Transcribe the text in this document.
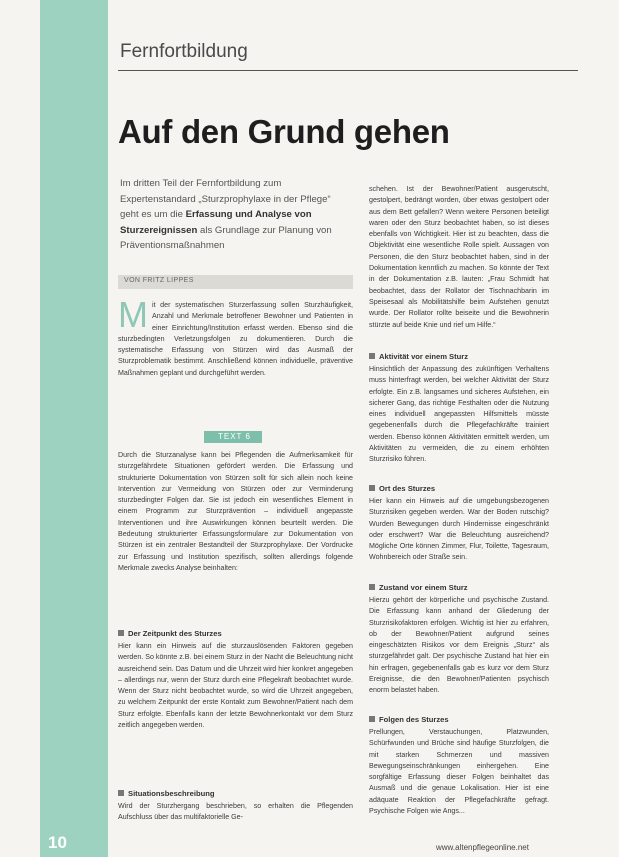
10
Fernfortbildung
Auf den Grund gehen
Im dritten Teil der Fernfortbildung zum Expertenstandard „Sturzprophylaxe in der Pflege“ geht es um die Erfassung und Analyse von Sturzereignissen als Grundlage zur Planung von Präventionsmaßnahmen
VON FRITZ LIPPES
M it der systematischen Sturzerfassung sollen Sturzhäufigkeit, Anzahl und Merkmale betroffener Bewohner und Patienten in einer Einrichtung/Institution erfasst werden. Ebenso sind die sturzbedingten Verletzungsfolgen zu dokumentieren. Durch die systematische Erfassung von Stürzen wird das Ausmaß der Sturzproblematik bestimmt. Anschließend können individuelle, präventive Maßnahmen geplant und durchgeführt werden.
TEXT 6
Durch die Sturzanalyse kann bei Pflegenden die Aufmerksamkeit für sturzgefährdete Situationen gefördert werden. Die Erfassung und strukturierte Dokumentation von Stürzen sollt für sich allein noch keine Intervention zur Vermeidung von Stürzen oder zur Verminderung sturzbedingter Folgen dar. Sie ist jedoch ein wesentliches Element in einem Programm zur Sturzprävention – individuell angepasste Interventionen und ihre Auswirkungen können beurteilt werden. Die Bedeutung strukturierter Erfassungsformulare zur Dokumentation von Stürzen ist ein zentraler Bestandteil der Sturzprophylaxe. Der Vordrucke zur Erfassung und Institution spezifisch, sollten allerdings folgende Merkmale zwecks Analyse beinhalten:

Der Zeitpunkt des Sturzes

Hier kann ein Hinweis auf die sturzauslösenden Faktoren gegeben werden. So könnte z.B. bei einem Sturz in der Nacht die Beleuchtung nicht ausreichend sein. Das Datum und die Uhrzeit wird hier konkret angegeben – allerdings nur, wenn der Sturz durch eine Pflegekraft beobachtet wurde. Wenn der Sturz nicht beobachtet wurde, so wird die Uhrzeit angegeben, zu welchem Zeitpunkt der erste Kontakt zum Bewohner/Patient nach dem Sturz erfolgte. Ebenfalls kann der letzte Bewohnerkontakt vor dem Sturz zeitlich angegeben werden.

Situationsbeschreibung

Wird der Sturzhergang beschrieben, so erhalten die Pflegenden Aufschluss über das multifaktorielle Ge-
schehen. Ist der Bewohner/Patient ausgerutscht, gestolpert, bedrängt worden, über etwas gestolpert oder aus dem Bett gefallen? Wenn weitere Personen beteiligt waren oder den Sturz beobachtet haben, so ist dieses ebenfalls von Wichtigkeit. Hier ist zu beachten, dass die Objektivität eine wesentliche Rolle spielt. Aussagen von Personen, die den Sturz beobachtet haben, sind in der Dokumentation kenntlich zu machen. So könnte der Text in der Dokumentation z.B. lauten: „Frau Schmidt hat beobachtet, dass der Rollator der Tischnachbarin im Speisesaal als Mobilitätshilfe beim Aufstehen genutzt wurde. Der Rollator rollte beiseite und die Bewohnerin stürzte auf beide Knie und rief um Hilfe.“

Aktivität vor einem Sturz

Hinsichtlich der Anpassung des zukünftigen Verhaltens muss hinterfragt werden, bei welcher Aktivität der Sturz erfolgte. Ein z.B. langsames und sicheres Aufstehen, ein sicherer Gang, das richtige Festhalten oder die Nutzung eines individuell angepassten Hilfsmittels müsste gegebenenfalls durch die Pflegefachkräfte trainiert werden. Ebenso können Aktivitäten ermittelt werden, um Aktivitäten zu vermeiden, die zu einem erhöhten Sturzrisiko führen.

Ort des Sturzes

Hier kann ein Hinweis auf die umgebungsbezogenen Sturzrisiken gegeben werden. War der Boden rutschig? Wurden Bewegungen durch Hindernisse eingeschränkt oder erschwert? War die Beleuchtung ausreichend? Mögliche Orte können Zimmer, Flur, Toilette, Tagesraum, Wohnbereich oder Straße sein.

Zustand vor einem Sturz

Hierzu gehört der körperliche und psychische Zustand. Die Erfassung kann anhand der Gliederung der Sturzrisikofaktoren erfolgen. Wichtig ist hier zu erfahren, ob der Bewohner/Patient aufgrund seines eingeschätzten Risikos vor dem Ereignis „Sturz“ als sturzgefährdet galt. Der psychische Zustand hat hier ein hin erfragen, gegebenenfalls gab es kurz vor dem Sturz Ereignisse, die den Bewohner/Patienten psychisch enorm belastet haben.

Folgen des Sturzes

Prellungen, Verstauchungen, Platzwunden, Schürfwunden und Brüche sind häufige Sturzfolgen, die mit starken Schmerzen und massiven Bewegungseinschränkungen einhergehen. Eine sorgfältige Erfassung dieser Folgen beinhaltet das Ausmaß und die genaue Lokalisation. Hier ist eine adäquate Reaktion der Pflegefachkräfte gefragt. Psychische Folgen wie Angs...
www.altenpflegeonline.net
